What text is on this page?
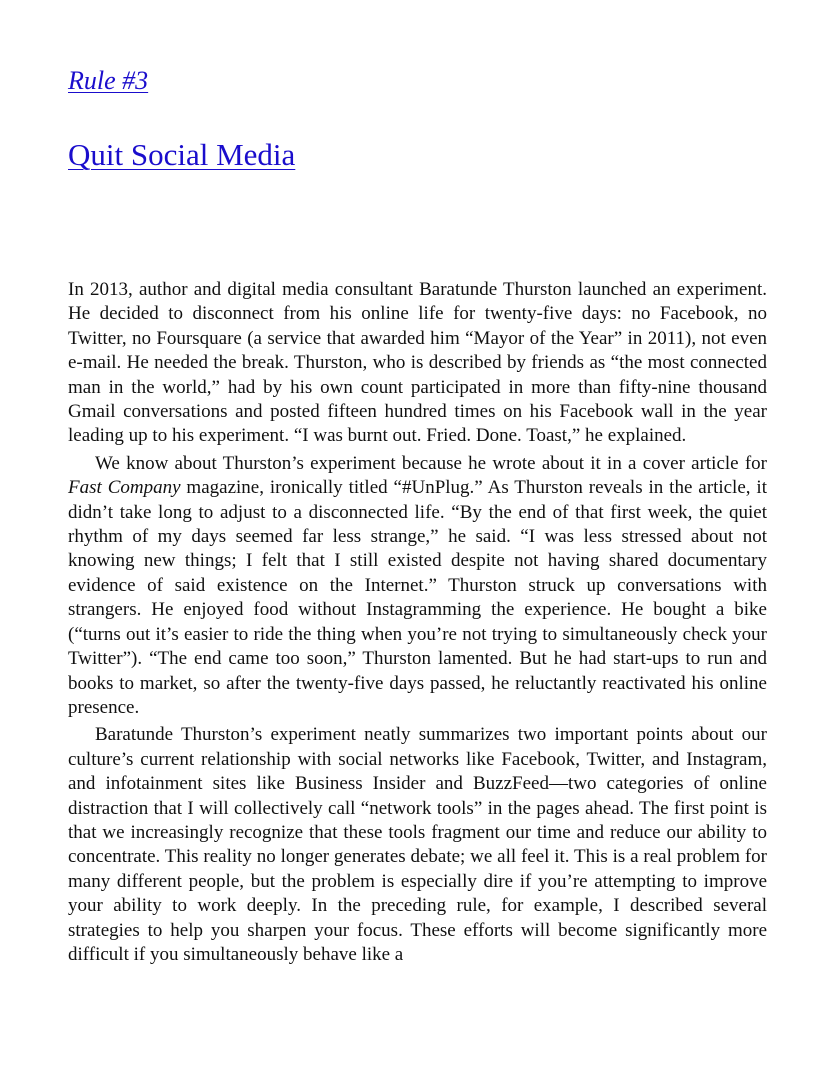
Rule #3
Quit Social Media

In 2013, author and digital media consultant Baratunde Thurston launched an experiment. He decided to disconnect from his online life for twenty-five days: no Facebook, no Twitter, no Foursquare (a service that awarded him “Mayor of the Year” in 2011), not even e-mail. He needed the break. Thurston, who is described by friends as “the most connected man in the world,” had by his own count participated in more than fifty-nine thousand Gmail conversations and posted fifteen hundred times on his Facebook wall in the year leading up to his experiment. “I was burnt out. Fried. Done. Toast,” he explained.

We know about Thurston’s experiment because he wrote about it in a cover article for Fast Company magazine, ironically titled “#UnPlug.” As Thurston reveals in the article, it didn’t take long to adjust to a disconnected life. “By the end of that first week, the quiet rhythm of my days seemed far less strange,” he said. “I was less stressed about not knowing new things; I felt that I still existed despite not having shared documentary evidence of said existence on the Internet.” Thurston struck up conversations with strangers. He enjoyed food without Instagramming the experience. He bought a bike (“turns out it’s easier to ride the thing when you’re not trying to simultaneously check your Twitter”). “The end came too soon,” Thurston lamented. But he had start-ups to run and books to market, so after the twenty-five days passed, he reluctantly reactivated his online presence.

Baratunde Thurston’s experiment neatly summarizes two important points about our culture’s current relationship with social networks like Facebook, Twitter, and Instagram, and infotainment sites like Business Insider and BuzzFeed—two categories of online distraction that I will collectively call “network tools” in the pages ahead. The first point is that we increasingly recognize that these tools fragment our time and reduce our ability to concentrate. This reality no longer generates debate; we all feel it. This is a real problem for many different people, but the problem is especially dire if you’re attempting to improve your ability to work deeply. In the preceding rule, for example, I described several strategies to help you sharpen your focus. These efforts will become significantly more difficult if you simultaneously behave like a
